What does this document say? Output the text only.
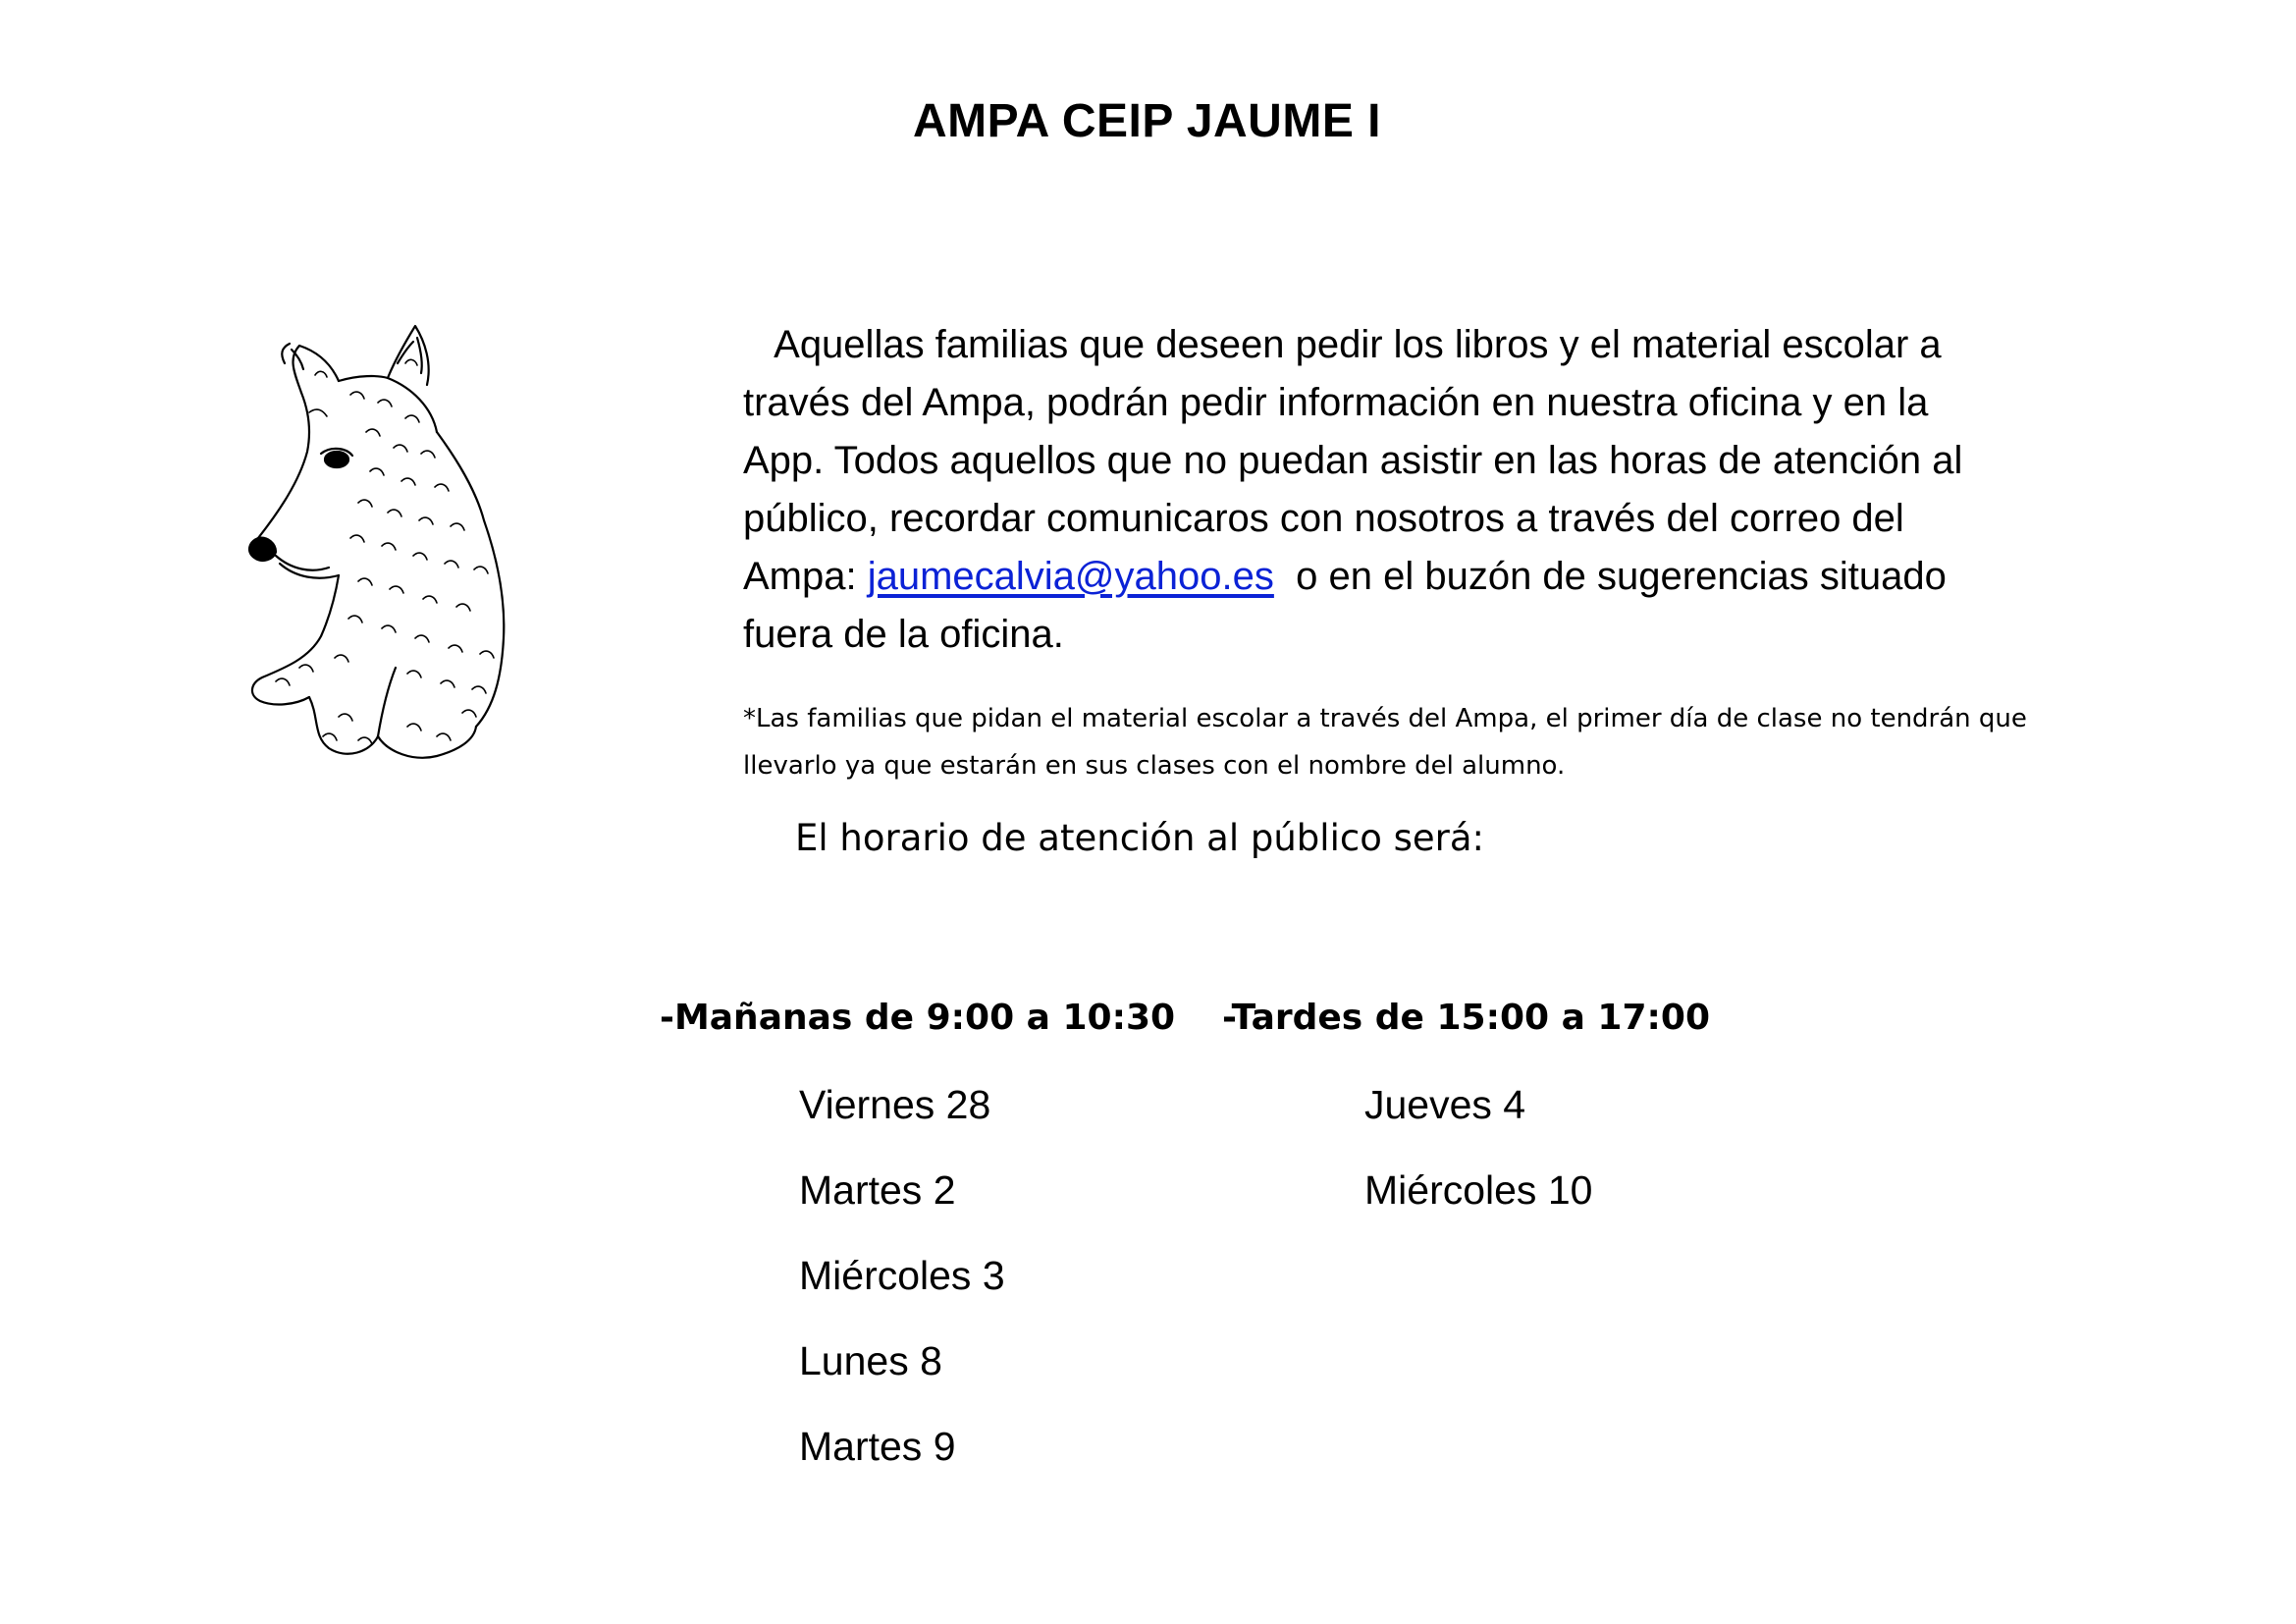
AMPA CEIP JAUME I
Aquellas familias que deseen pedir los libros y el material escolar a
través del Ampa, podrán pedir información en nuestra oficina y en la
App. Todos aquellos que no puedan asistir en las horas de atención al
público, recordar comunicaros con nosotros a través del correo del
Ampa: jaumecalvia@yahoo.es  o en el buzón de sugerencias situado
fuera de la oficina.
*Las familias que pidan el material escolar a través del Ampa, el primer día de clase no tendrán que
llevarlo ya que estarán en sus clases con el nombre del alumno.
El horario de atención al público será:
-Mañanas de 9:00 a 10:30 -Tardes de 15:00 a 17:00
Viernes 28
Martes 2
Miércoles 3
Lunes 8
Martes 9
Jueves 4
Miércoles 10
